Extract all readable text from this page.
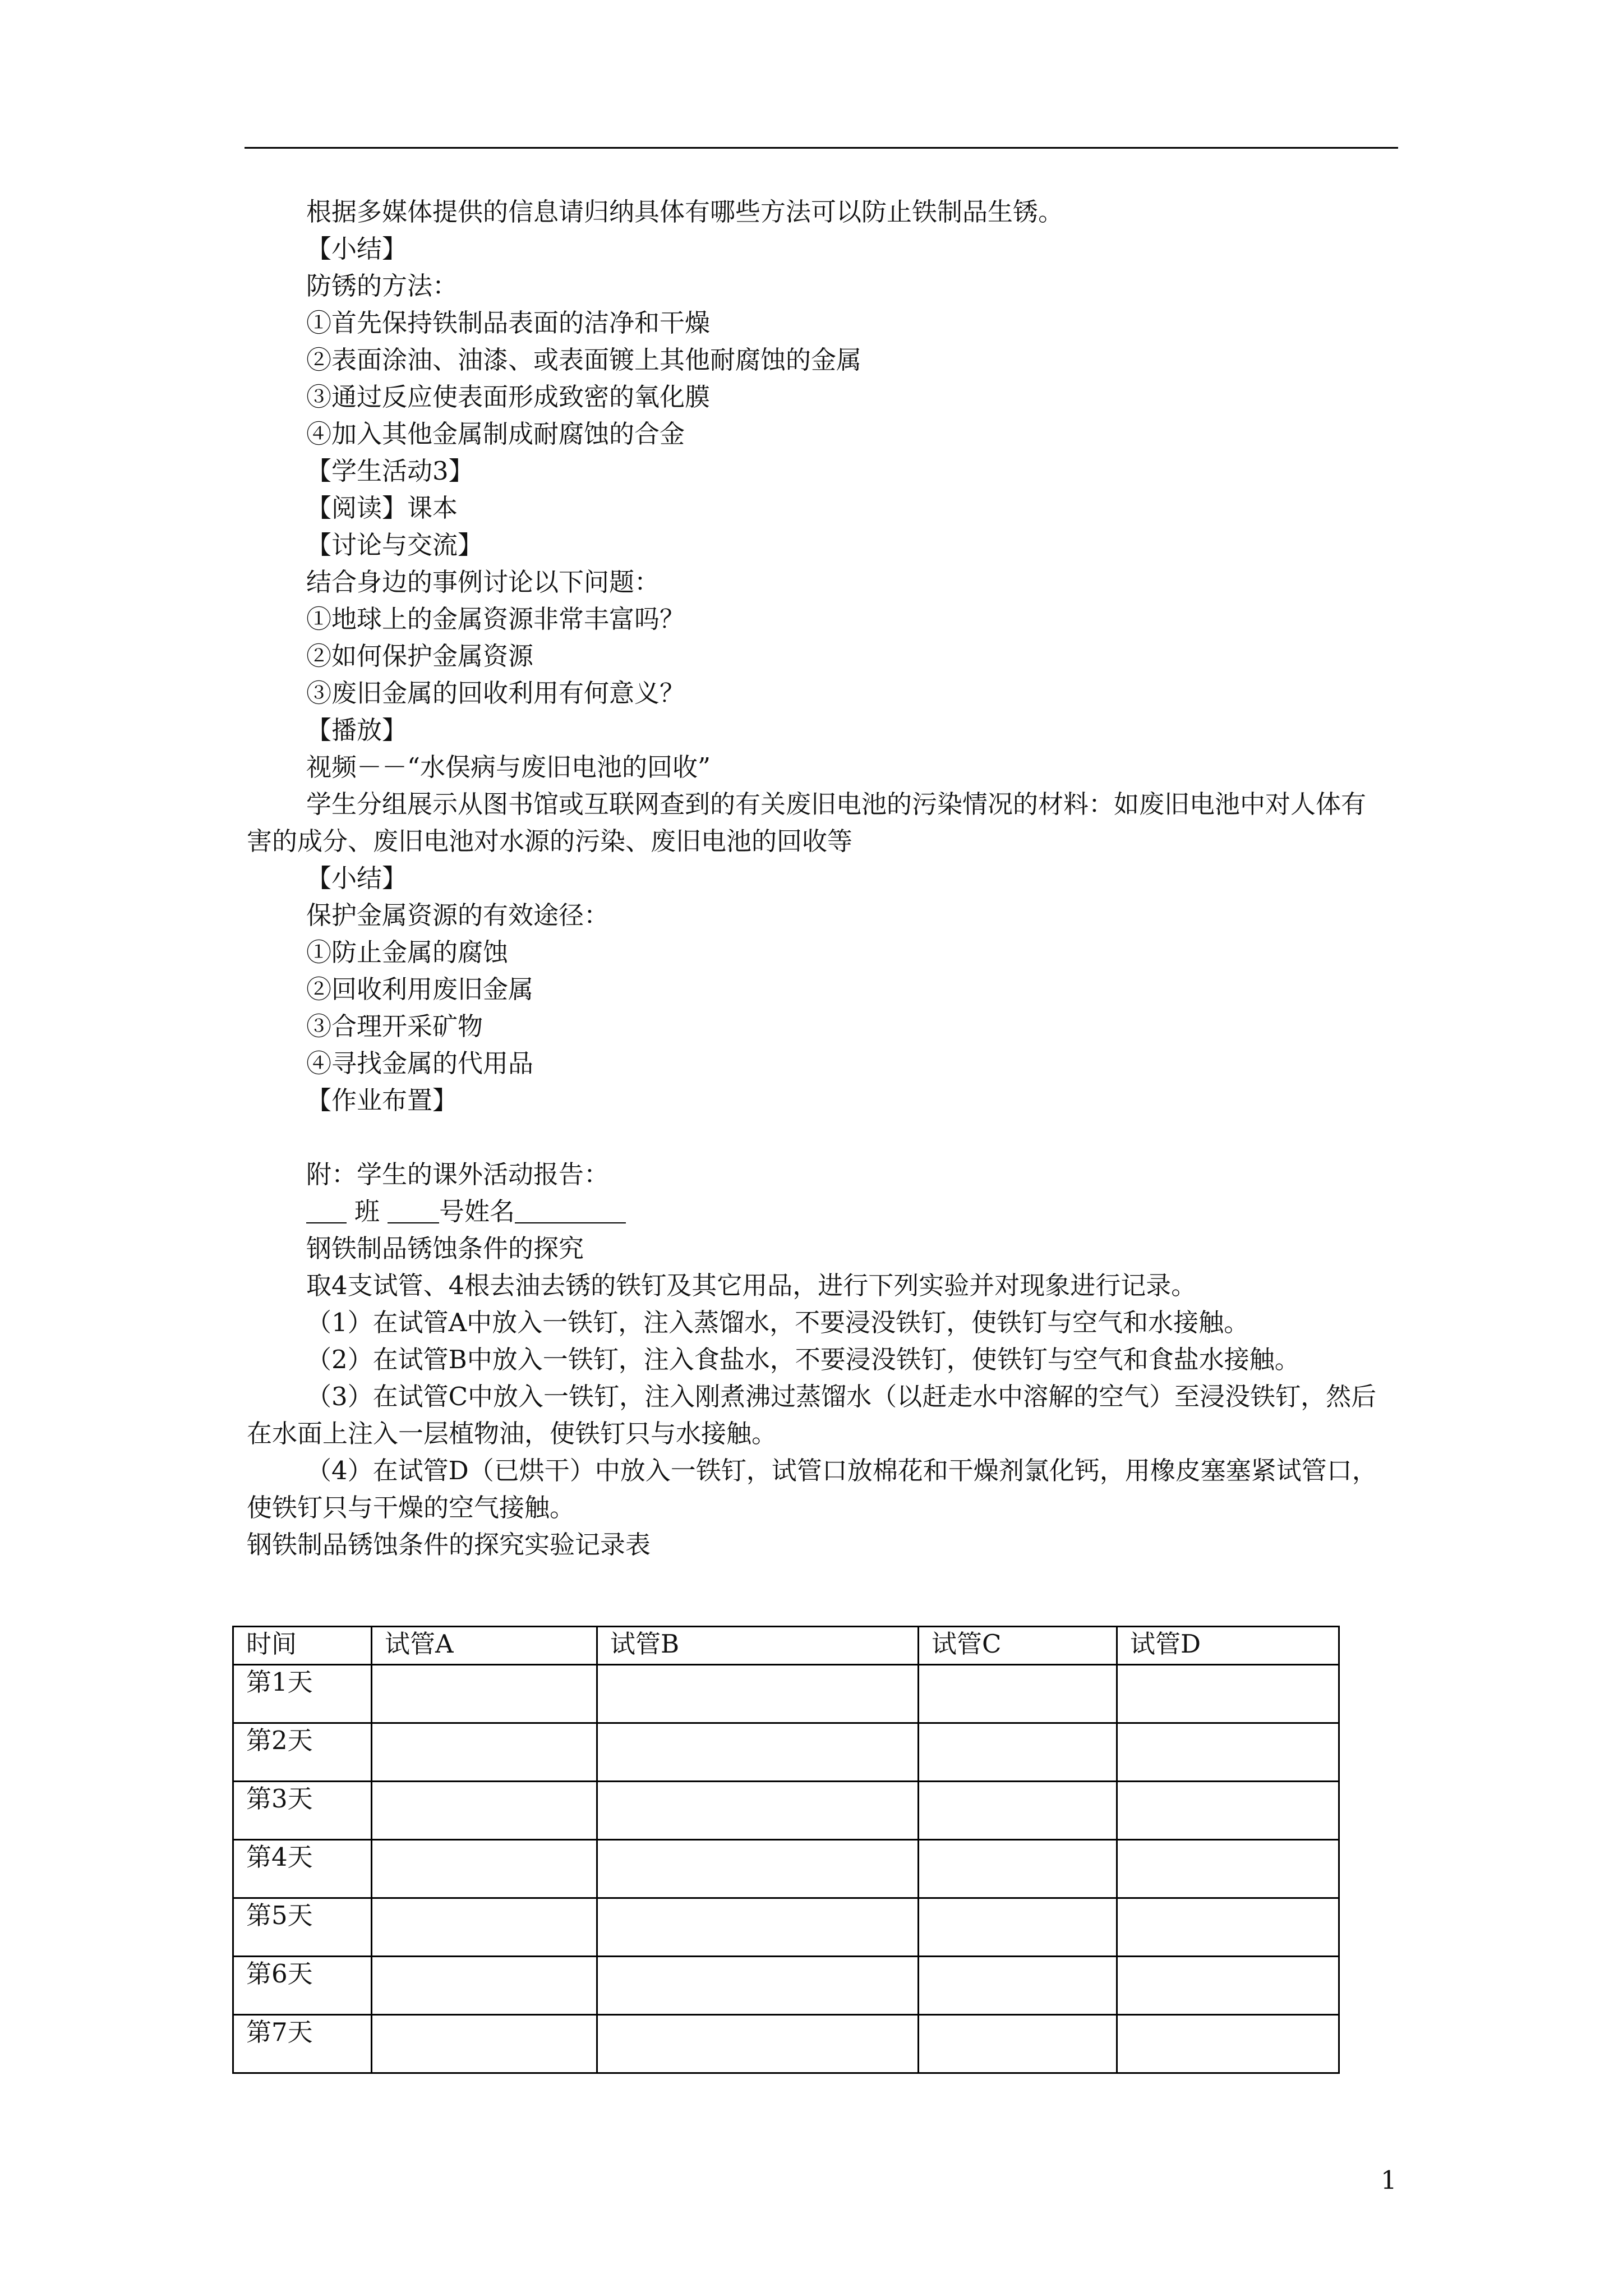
根据多媒体提供的信息请归纳具体有哪些方法可以防止铁制品生锈。
【小结】
防锈的方法：
①首先保持铁制品表面的洁净和干燥
②表面涂油、油漆、或表面镀上其他耐腐蚀的金属
③通过反应使表面形成致密的氧化膜
④加入其他金属制成耐腐蚀的合金
【学生活动3】
【阅读】课本
【讨论与交流】
结合身边的事例讨论以下问题：
①地球上的金属资源非常丰富吗？
②如何保护金属资源
③废旧金属的回收利用有何意义？
【播放】
视频－－“水俣病与废旧电池的回收”
学生分组展示从图书馆或互联网查到的有关废旧电池的污染情况的材料：如废旧电池中对人体有害的成分、废旧电池对水源的污染、废旧电池的回收等
【小结】
保护金属资源的有效途径：
①防止金属的腐蚀
②回收利用废旧金属
③合理开采矿物
④寻找金属的代用品
【作业布置】
附：学生的课外活动报告：
班 号姓名
钢铁制品锈蚀条件的探究
取4支试管、4根去油去锈的铁钉及其它用品，进行下列实验并对现象进行记录。
（1）在试管A中放入一铁钉，注入蒸馏水，不要浸没铁钉，使铁钉与空气和水接触。
（2）在试管B中放入一铁钉，注入食盐水，不要浸没铁钉，使铁钉与空气和食盐水接触。
（3）在试管C中放入一铁钉，注入刚煮沸过蒸馏水（以赶走水中溶解的空气）至浸没铁钉，然后在水面上注入一层植物油，使铁钉只与水接触。
（4）在试管D（已烘干）中放入一铁钉，试管口放棉花和干燥剂氯化钙，用橡皮塞塞紧试管口，使铁钉只与干燥的空气接触。
钢铁制品锈蚀条件的探究实验记录表
时间	试管A	试管B	试管C	试管D
第1天				
第2天				
第3天				
第4天				
第5天				
第6天				
第7天				
1
